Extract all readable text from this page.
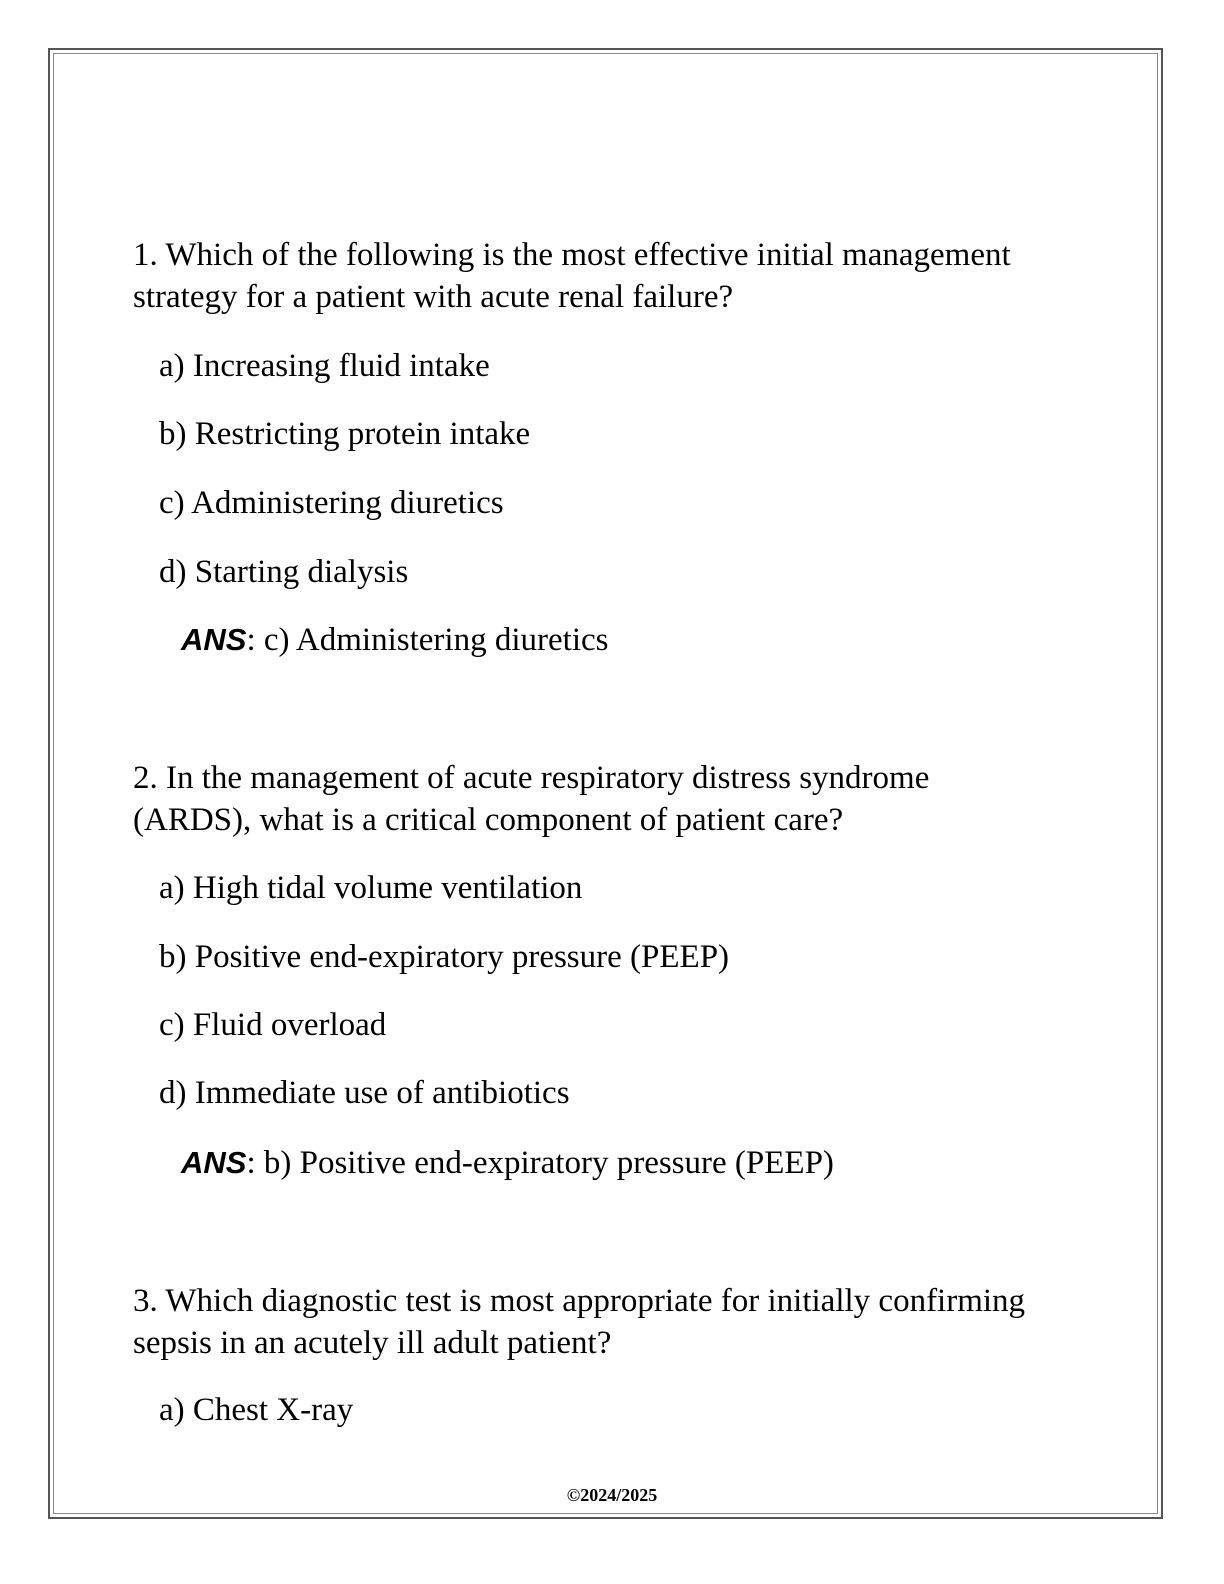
1. Which of the following is the most effective initial management strategy for a patient with acute renal failure?

a) Increasing fluid intake

b) Restricting protein intake

c) Administering diuretics

d) Starting dialysis

ANS: c) Administering diuretics

2. In the management of acute respiratory distress syndrome (ARDS), what is a critical component of patient care?

a) High tidal volume ventilation

b) Positive end-expiratory pressure (PEEP)

c) Fluid overload

d) Immediate use of antibiotics

ANS: b) Positive end-expiratory pressure (PEEP)

3. Which diagnostic test is most appropriate for initially confirming sepsis in an acutely ill adult patient?

a) Chest X-ray

©2024/2025
